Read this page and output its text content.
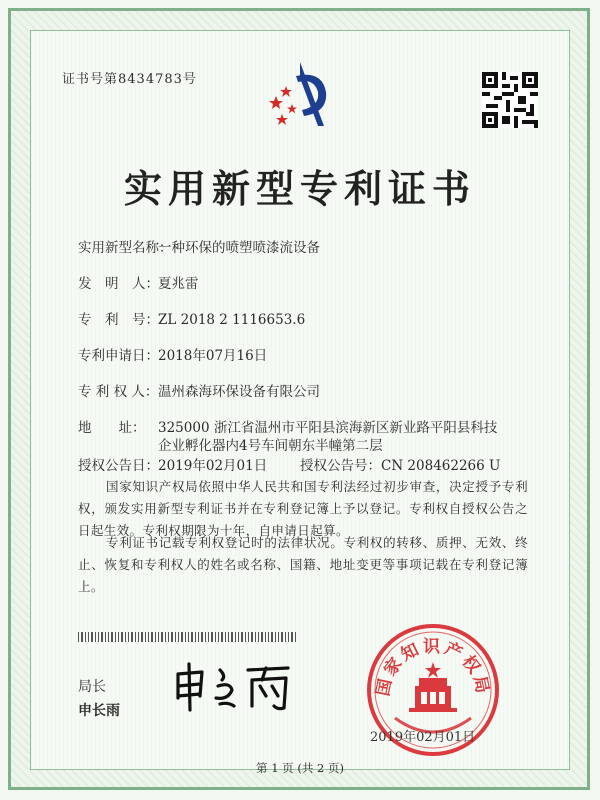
证书号第8434783号
实用新型专利证书
实用新型名称：一种环保的喷塑喷漆流设备
发　明　人：夏兆雷
专　利　号：ZL 2018 2 1116653.6
专利申请日：2018年07月16日
专 利 权 人：温州森海环保设备有限公司
地　　址： 325000 浙江省温州市平阳县滨海新区新业路平阳县科技
企业孵化器内4号车间朝东半幢第二层
授权公告日：2019年02月01日 授权公告号：CN 208462266 U
国家知识产权局依照中华人民共和国专利法经过初步审查，决定授予专利权，颁发实用新型专利证书并在专利登记簿上予以登记。专利权自授权公告之日起生效。专利权期限为十年，自申请日起算。
专利证书记载专利权登记时的法律状况。专利权的转移、质押、无效、终止、恢复和专利权人的姓名或名称、国籍、地址变更等事项记载在专利登记簿上。
局长
申长雨
国家知识产权局
2019年02月01日
第 1 页 (共 2 页)
